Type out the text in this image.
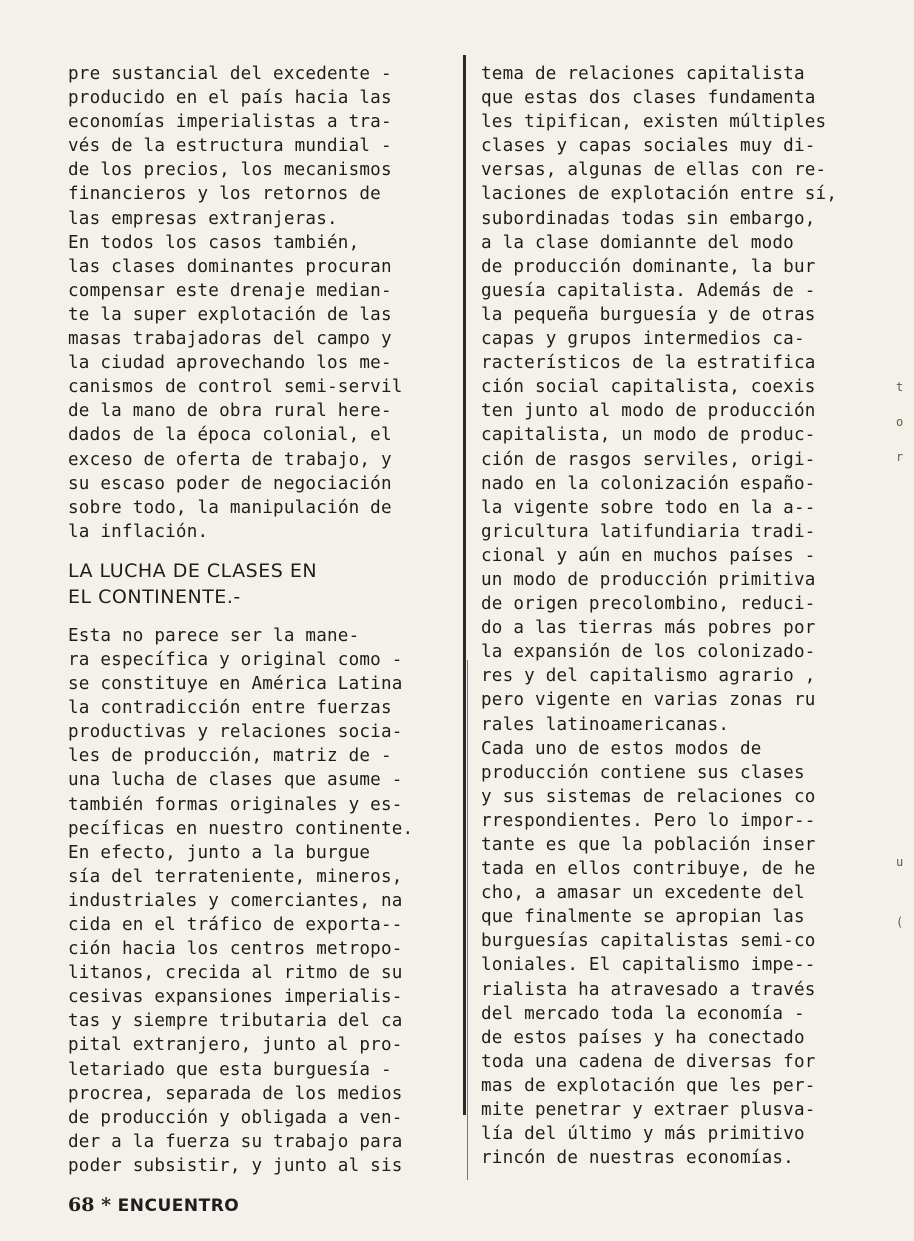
pre sustancial del excedente -
producido en el país hacia las
economías imperialistas a tra-
vés de la estructura mundial -
de los precios, los mecanismos
financieros y los retornos de
las empresas extranjeras.
En todos los casos también,
las clases dominantes procuran
compensar este drenaje median-
te la super explotación de las
masas trabajadoras del campo y
la ciudad aprovechando los me-
canismos de control semi-servil
de la mano de obra rural here-
dados de la época colonial, el
exceso de oferta de trabajo, y
su escaso poder de negociación
sobre todo, la manipulación de
la inflación.
LA LUCHA DE CLASES EN
EL CONTINENTE.-
Esta no parece ser la mane-
ra específica y original como -
se constituye en América Latina
la contradicción entre fuerzas
productivas y relaciones socia-
les de producción, matriz de -
una lucha de clases que asume -
también formas originales y es-
pecíficas en nuestro continente.
En efecto, junto a la burgue
sía del terrateniente, mineros,
industriales y comerciantes, na
cida en el tráfico de exporta--
ción hacia los centros metropo-
litanos, crecida al ritmo de su
cesivas expansiones imperialis-
tas y siempre tributaria del ca
pital extranjero, junto al pro-
letariado que esta burguesía -
procrea, separada de los medios
de producción y obligada a ven-
der a la fuerza su trabajo para
poder subsistir, y junto al sis
tema de relaciones capitalista
que estas dos clases fundamenta
les tipifican, existen múltiples
clases y capas sociales muy di-
versas, algunas de ellas con re-
laciones de explotación entre sí,
subordinadas todas sin embargo,
a la clase domiannte del modo
de producción dominante, la bur
guesía capitalista. Además de -
la pequeña burguesía y de otras
capas y grupos intermedios ca-
racterísticos de la estratifica
ción social capitalista, coexis
ten junto al modo de producción
capitalista, un modo de produc-
ción de rasgos serviles, origi-
nado en la colonización españo-
la vigente sobre todo en la a--
gricultura latifundiaria tradi-
cional y aún en muchos países -
un modo de producción primitiva
de origen precolombino, reduci-
do a las tierras más pobres por
la expansión de los colonizado-
res y del capitalismo agrario ,
pero vigente en varias zonas ru
rales latinoamericanas.
Cada uno de estos modos de
producción contiene sus clases
y sus sistemas de relaciones co
rrespondientes. Pero lo impor--
tante es que la población inser
tada en ellos contribuye, de he
cho, a amasar un excedente del
que finalmente se apropian las
burguesías capitalistas semi-co
loniales. El capitalismo impe--
rialista ha atravesado a través
del mercado toda la economía -
de estos países y ha conectado
toda una cadena de diversas for
mas de explotación que les per-
mite penetrar y extraer plusva-
lía del último y más primitivo
rincón de nuestras economías.
68 * ENCUENTRO
t
o
r
u
(
